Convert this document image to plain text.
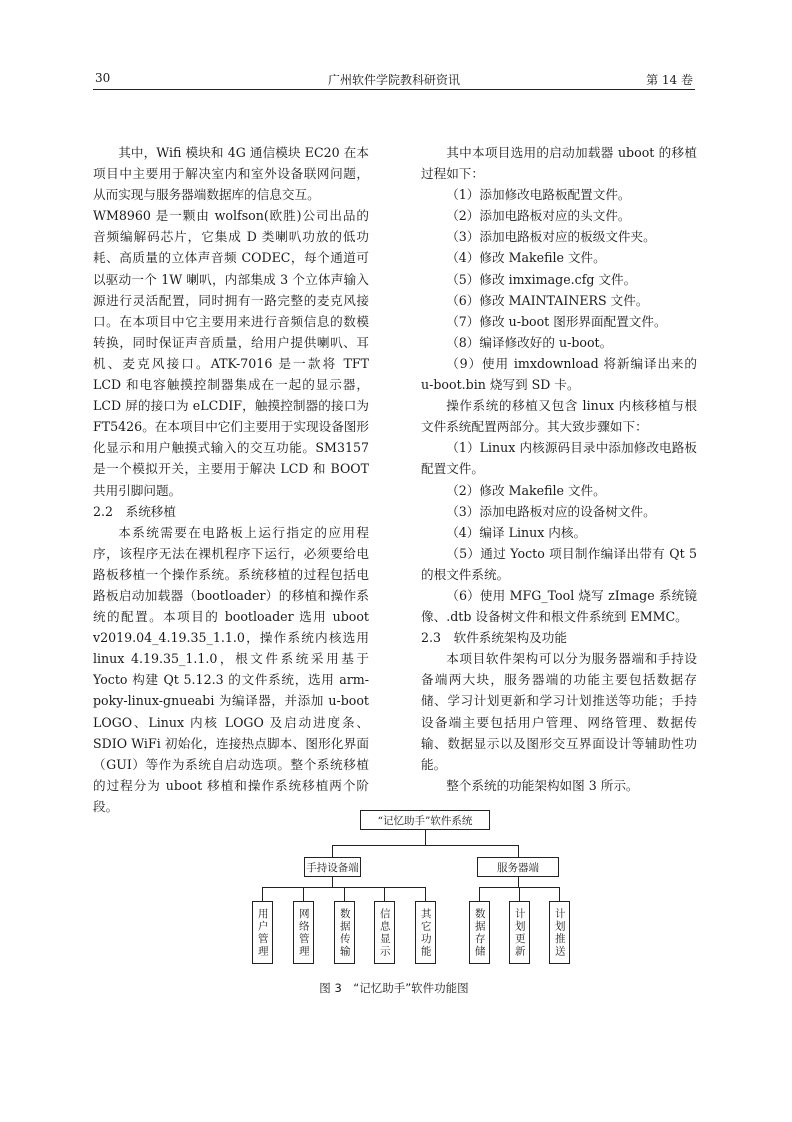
30	广州软件学院教科研资讯	第 14 卷

其中，Wifi 模块和 4G 通信模块 EC20 在本项目中主要用于解决室内和室外设备联网问题，从而实现与服务器端数据库的信息交互。

WM8960 是一颗由 wolfson(欧胜)公司出品的音频编解码芯片，它集成 D 类喇叭功放的低功耗、高质量的立体声音频 CODEC，每个通道可以驱动一个 1W 喇叭，内部集成 3 个立体声输入源进行灵活配置，同时拥有一路完整的麦克风接口。在本项目中它主要用来进行音频信息的数模转换，同时保证声音质量，给用户提供喇叭、耳机、麦克风接口。ATK-7016 是一款将 TFT LCD 和电容触摸控制器集成在一起的显示器，LCD 屏的接口为 eLCDIF，触摸控制器的接口为 FT5426。在本项目中它们主要用于实现设备图形化显示和用户触摸式输入的交互功能。SM3157 是一个模拟开关，主要用于解决 LCD 和 BOOT 共用引脚问题。

2.2　系统移植

本系统需要在电路板上运行指定的应用程序，该程序无法在裸机程序下运行，必须要给电路板移植一个操作系统。系统移植的过程包括电路板启动加载器（bootloader）的移植和操作系统的配置。本项目的 bootloader 选用 uboot v2019.04_4.19.35_1.1.0，操作系统内核选用 linux 4.19.35_1.1.0，根文件系统采用基于 Yocto 构建 Qt 5.12.3 的文件系统，选用 arm-poky-linux-gnueabi 为编译器，并添加 u-boot LOGO、Linux 内核 LOGO 及启动进度条、SDIO WiFi 初始化，连接热点脚本、图形化界面（GUI）等作为系统自启动选项。整个系统移植的过程分为 uboot 移植和操作系统移植两个阶段。

其中本项目选用的启动加载器 uboot 的移植过程如下：

（1）添加修改电路板配置文件。

（2）添加电路板对应的头文件。

（3）添加电路板对应的板级文件夹。

（4）修改 Makefile 文件。

（5）修改 imximage.cfg 文件。

（6）修改 MAINTAINERS 文件。

（7）修改 u-boot 图形界面配置文件。

（8）编译修改好的 u-boot。

（9）使用 imxdownload 将新编译出来的 u-boot.bin 烧写到 SD 卡。

操作系统的移植又包含 linux 内核移植与根文件系统配置两部分。其大致步骤如下：

（1）Linux 内核源码目录中添加修改电路板配置文件。

（2）修改 Makefile 文件。

（3）添加电路板对应的设备树文件。

（4）编译 Linux 内核。

（5）通过 Yocto 项目制作编译出带有 Qt 5 的根文件系统。

（6）使用 MFG_Tool 烧写 zImage 系统镜像、.dtb 设备树文件和根文件系统到 EMMC。

2.3　软件系统架构及功能

本项目软件架构可以分为服务器端和手持设备端两大块，服务器端的功能主要包括数据存储、学习计划更新和学习计划推送等功能；手持设备端主要包括用户管理、网络管理、数据传输、数据显示以及图形交互界面设计等辅助性功能。

整个系统的功能架构如图 3 所示。

“记忆助手”软件系统
手持设备端	服务器端
用户管理	网络管理	数据传输	信息显示	其它功能	数据存储	计划更新	计划推送
图 3　“记忆助手”软件功能图
